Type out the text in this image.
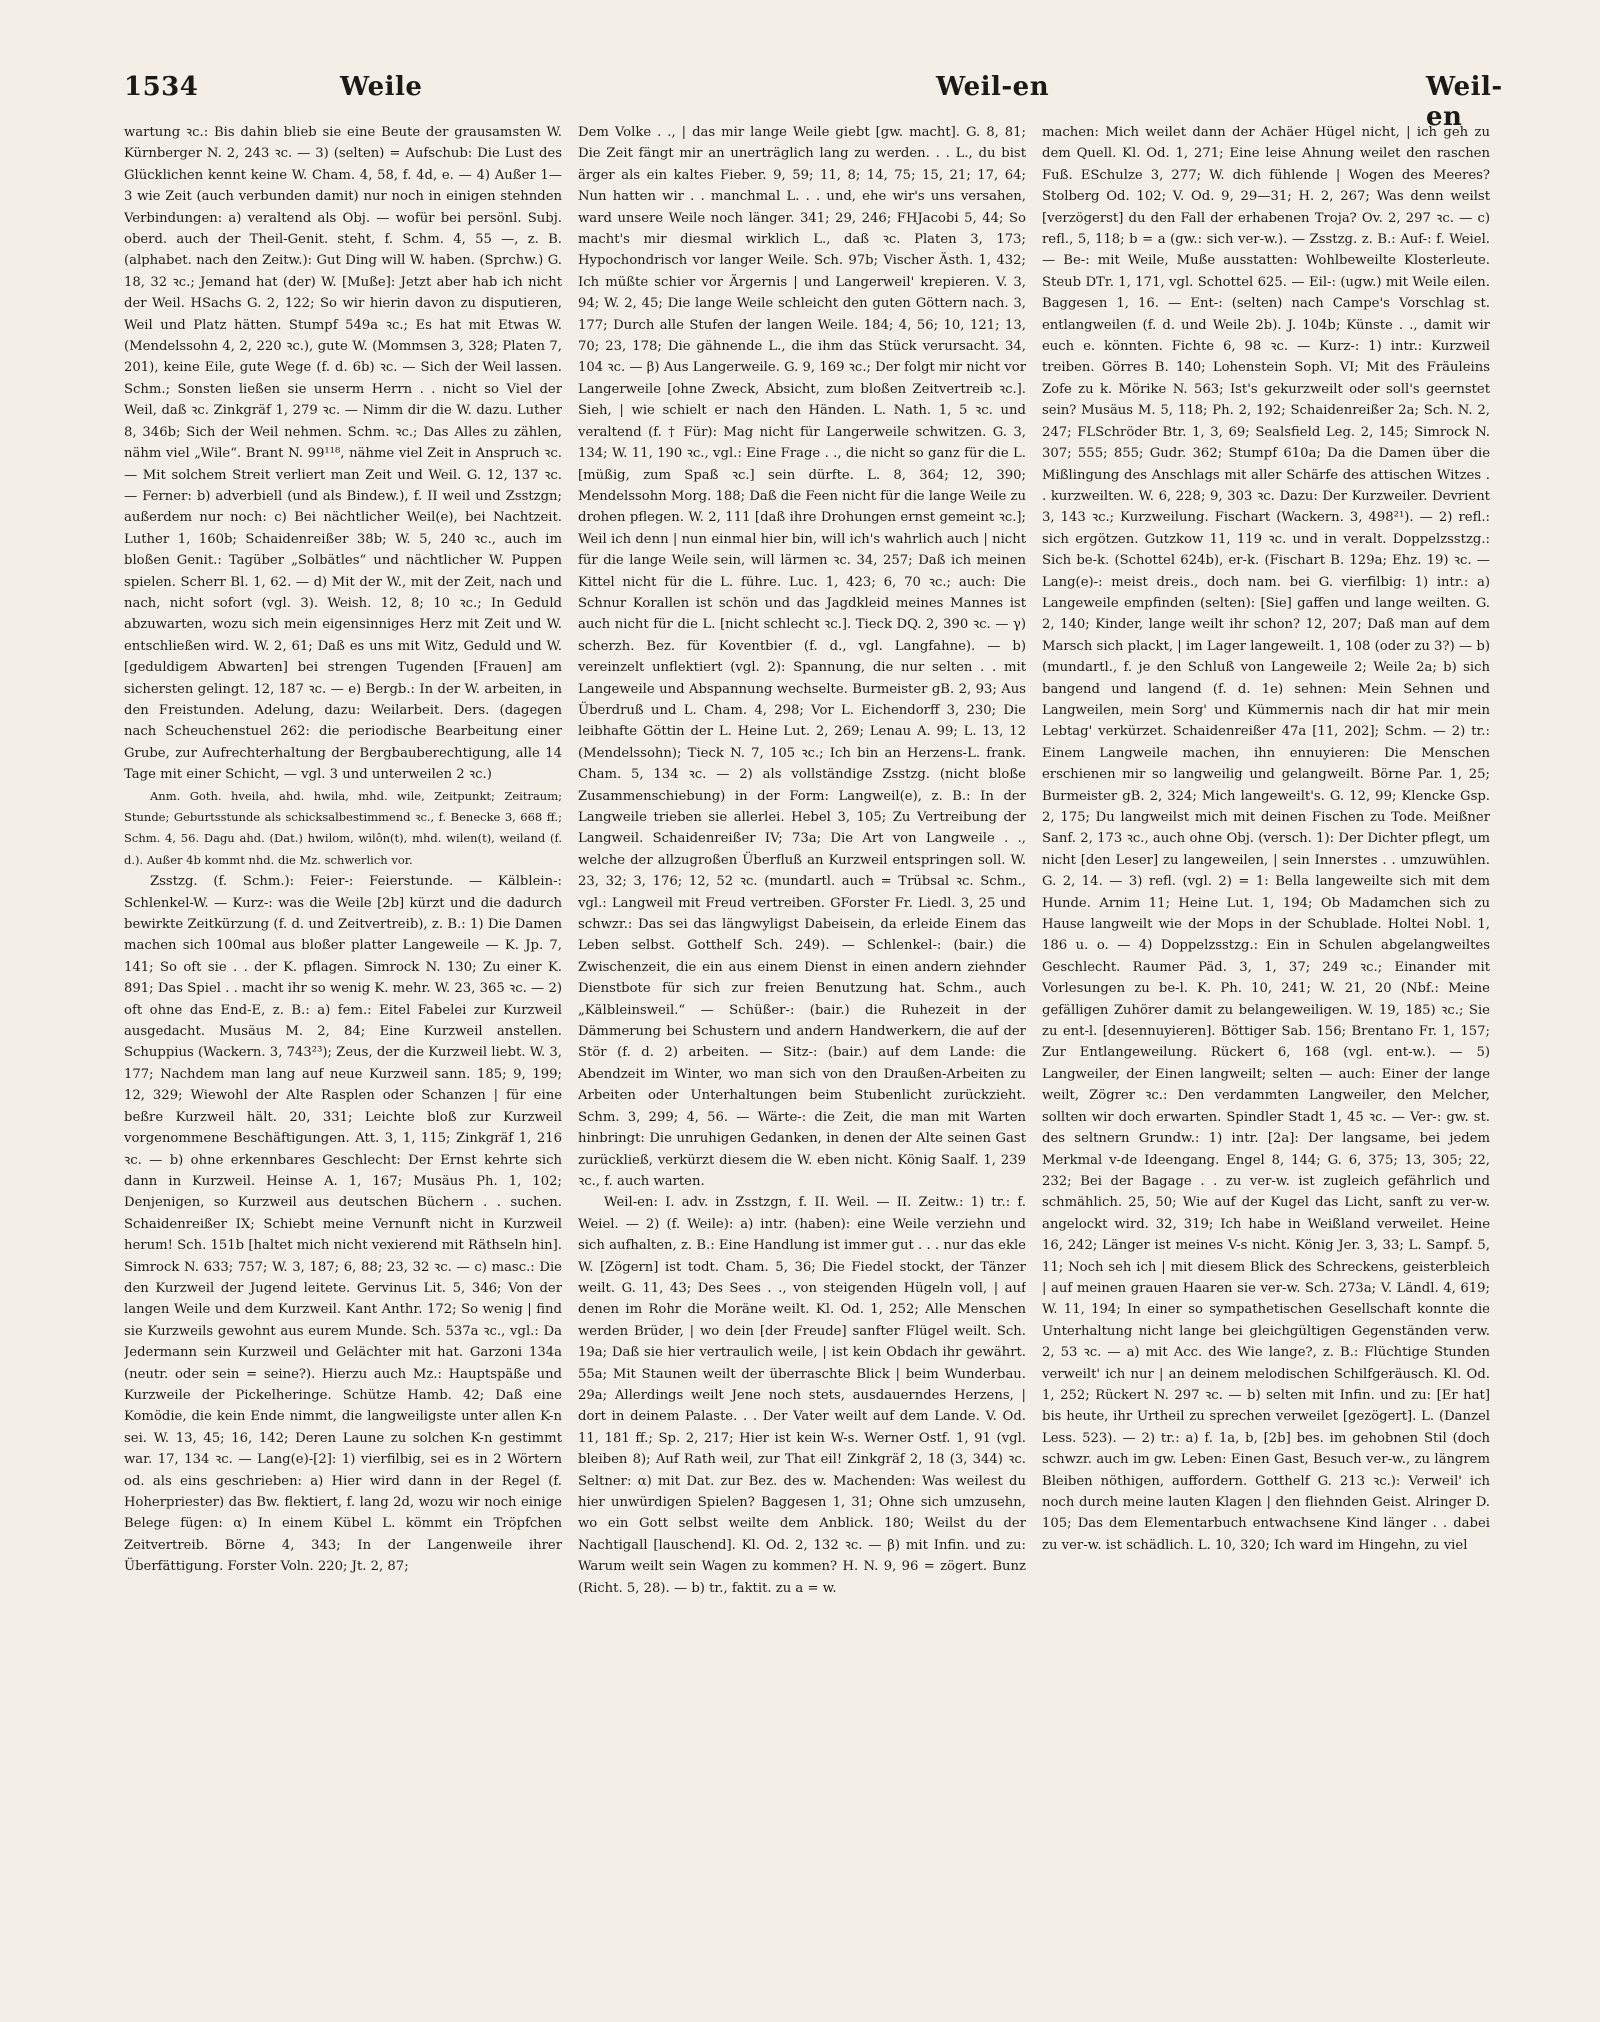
1534	Weile	Weil-en	Weil-en

wartung ꝛc.: Bis dahin blieb sie eine Beute der grausamsten W. Kürnberger N. 2, 243 ꝛc. — 3) (selten) = Aufschub: Die Lust des Glücklichen kennt keine W. Cham. 4, 58, f. 4d, e. — 4) Außer 1—3 wie Zeit (auch verbunden damit) nur noch in einigen stehnden Verbindungen: a) veraltend als Obj. — wofür bei persönl. Subj. oberd. auch der Theil-Genit. steht, f. Schm. 4, 55 —, z. B. (alphabet. nach den Zeitw.): Gut Ding will W. haben. (Sprchw.) G. 18, 32 ꝛc.; Jemand hat (der) W. [Muße]: Jetzt aber hab ich nicht der Weil. HSachs G. 2, 122; So wir hierin davon zu disputieren, Weil und Platz hätten. Stumpf 549a ꝛc.; Es hat mit Etwas W. (Mendelssohn 4, 2, 220 ꝛc.), gute W. (Mommsen 3, 328; Platen 7, 201), keine Eile, gute Wege (f. d. 6b) ꝛc. — Sich der Weil lassen. Schm.; Sonsten ließen sie unserm Herrn . . nicht so Viel der Weil, daß ꝛc. Zinkgräf 1, 279 ꝛc. — Nimm dir die W. dazu. Luther 8, 346b; Sich der Weil nehmen. Schm. ꝛc.; Das Alles zu zählen, nähm viel „Wile“. Brant N. 99¹¹⁸, nähme viel Zeit in Anspruch ꝛc. — Mit solchem Streit verliert man Zeit und Weil. G. 12, 137 ꝛc. — Ferner: b) adverbiell (und als Bindew.), f. II weil und Zsstzgn; außerdem nur noch: c) Bei nächtlicher Weil(e), bei Nachtzeit. Luther 1, 160b; Schaidenreißer 38b; W. 5, 240 ꝛc., auch im bloßen Genit.: Tagüber „Solbätles“ und nächtlicher W. Puppen spielen. Scherr Bl. 1, 62. — d) Mit der W., mit der Zeit, nach und nach, nicht sofort (vgl. 3). Weish. 12, 8; 10 ꝛc.; In Geduld abzuwarten, wozu sich mein eigensinniges Herz mit Zeit und W. entschließen wird. W. 2, 61; Daß es uns mit Witz, Geduld und W. [geduldigem Abwarten] bei strengen Tugenden [Frauen] am sichersten gelingt. 12, 187 ꝛc. — e) Bergb.: In der W. arbeiten, in den Freistunden. Adelung, dazu: Weilarbeit. Ders. (dagegen nach Scheuchenstuel 262: die periodische Bearbeitung einer Grube, zur Aufrechterhaltung der Bergbauberechtigung, alle 14 Tage mit einer Schicht, — vgl. 3 und unterweilen 2 ꝛc.)

Anm. Goth. hveila, ahd. hwila, mhd. wile, Zeitpunkt; Zeitraum; Stunde; Geburtsstunde als schicksalbestimmend ꝛc., f. Benecke 3, 668 ff.; Schm. 4, 56. Dagu ahd. (Dat.) hwilom, wilôn(t), mhd. wilen(t), weiland (f. d.). Außer 4b kommt nhd. die Mz. schwerlich vor.

Zsstzg. (f. Schm.): Feier-: Feierstunde. — Kälblein-: Schlenkel-W. — Kurz-: was die Weile [2b] kürzt und die dadurch bewirkte Zeitkürzung (f. d. und Zeitvertreib), z. B.: 1) Die Damen machen sich 100mal aus bloßer platter Langeweile — K. Jp. 7, 141; So oft sie . . der K. pflagen. Simrock N. 130; Zu einer K. 891; Das Spiel . . macht ihr so wenig K. mehr. W. 23, 365 ꝛc. — 2) oft ohne das End-E, z. B.: a) fem.: Eitel Fabelei zur Kurzweil ausgedacht. Musäus M. 2, 84; Eine Kurzweil anstellen. Schuppius (Wackern. 3, 743²³); Zeus, der die Kurzweil liebt. W. 3, 177; Nachdem man lang auf neue Kurzweil sann. 185; 9, 199; 12, 329; Wiewohl der Alte Rasplen oder Schanzen | für eine beßre Kurzweil hält. 20, 331; Leichte bloß zur Kurzweil vorgenommene Beschäftigungen. Att. 3, 1, 115; Zinkgräf 1, 216 ꝛc. — b) ohne erkennbares Geschlecht: Der Ernst kehrte sich dann in Kurzweil. Heinse A. 1, 167; Musäus Ph. 1, 102; Denjenigen, so Kurzweil aus deutschen Büchern . . suchen. Schaidenreißer IX; Schiebt meine Vernunft nicht in Kurzweil herum! Sch. 151b [haltet mich nicht vexierend mit Räthseln hin]. Simrock N. 633; 757; W. 3, 187; 6, 88; 23, 32 ꝛc. — c) masc.: Die den Kurzweil der Jugend leitete. Gervinus Lit. 5, 346; Von der langen Weile und dem Kurzweil. Kant Anthr. 172; So wenig | find sie Kurzweils gewohnt aus eurem Munde. Sch. 537a ꝛc., vgl.: Da Jedermann sein Kurzweil und Gelächter mit hat. Garzoni 134a (neutr. oder sein = seine?). Hierzu auch Mz.: Hauptspäße und Kurzweile der Pickelheringe. Schütze Hamb. 42; Daß eine Komödie, die kein Ende nimmt, die langweiligste unter allen K-n sei. W. 13, 45; 16, 142; Deren Laune zu solchen K-n gestimmt war. 17, 134 ꝛc. — Lang(e)-[2]: 1) vierfilbig, sei es in 2 Wörtern od. als eins geschrieben: a) Hier wird dann in der Regel (f. Hoherpriester) das Bw. flektiert, f. lang 2d, wozu wir noch einige Belege fügen: α) In einem Kübel L. kömmt ein Tröpfchen Zeitvertreib. Börne 4, 343; In der Langenweile ihrer Überfättigung. Forster Voln. 220; Jt. 2, 87;

Dem Volke . ., | das mir lange Weile giebt [gw. macht]. G. 8, 81; Die Zeit fängt mir an unerträglich lang zu werden. . . L., du bist ärger als ein kaltes Fieber. 9, 59; 11, 8; 14, 75; 15, 21; 17, 64; Nun hatten wir . . manchmal L. . . und, ehe wir's uns versahen, ward unsere Weile noch länger. 341; 29, 246; FHJacobi 5, 44; So macht's mir diesmal wirklich L., daß ꝛc. Platen 3, 173; Hypochondrisch vor langer Weile. Sch. 97b; Vischer Ästh. 1, 432; Ich müßte schier vor Ärgernis | und Langerweil' krepieren. V. 3, 94; W. 2, 45; Die lange Weile schleicht den guten Göttern nach. 3, 177; Durch alle Stufen der langen Weile. 184; 4, 56; 10, 121; 13, 70; 23, 178; Die gähnende L., die ihm das Stück verursacht. 34, 104 ꝛc. — β) Aus Langerweile. G. 9, 169 ꝛc.; Der folgt mir nicht vor Langerweile [ohne Zweck, Absicht, zum bloßen Zeitvertreib ꝛc.]. Sieh, | wie schielt er nach den Händen. L. Nath. 1, 5 ꝛc. und veraltend (f. † Für): Mag nicht für Langerweile schwitzen. G. 3, 134; W. 11, 190 ꝛc., vgl.: Eine Frage . ., die nicht so ganz für die L. [müßig, zum Spaß ꝛc.] sein dürfte. L. 8, 364; 12, 390; Mendelssohn Morg. 188; Daß die Feen nicht für die lange Weile zu drohen pflegen. W. 2, 111 [daß ihre Drohungen ernst gemeint ꝛc.]; Weil ich denn | nun einmal hier bin, will ich's wahrlich auch | nicht für die lange Weile sein, will lärmen ꝛc. 34, 257; Daß ich meinen Kittel nicht für die L. führe. Luc. 1, 423; 6, 70 ꝛc.; auch: Die Schnur Korallen ist schön und das Jagdkleid meines Mannes ist auch nicht für die L. [nicht schlecht ꝛc.]. Tieck DQ. 2, 390 ꝛc. — γ) scherzh. Bez. für Koventbier (f. d., vgl. Langfahne). — b) vereinzelt unflektiert (vgl. 2): Spannung, die nur selten . . mit Langeweile und Abspannung wechselte. Burmeister gB. 2, 93; Aus Überdruß und L. Cham. 4, 298; Vor L. Eichendorff 3, 230; Die leibhafte Göttin der L. Heine Lut. 2, 269; Lenau A. 99; L. 13, 12 (Mendelssohn); Tieck N. 7, 105 ꝛc.; Ich bin an Herzens-L. frank. Cham. 5, 134 ꝛc. — 2) als vollständige Zsstzg. (nicht bloße Zusammenschiebung) in der Form: Langweil(e), z. B.: In der Langweile trieben sie allerlei. Hebel 3, 105; Zu Vertreibung der Langweil. Schaidenreißer IV; 73a; Die Art von Langweile . ., welche der allzugroßen Überfluß an Kurzweil entspringen soll. W. 23, 32; 3, 176; 12, 52 ꝛc. (mundartl. auch = Trübsal ꝛc. Schm., vgl.: Langweil mit Freud vertreiben. GForster Fr. Liedl. 3, 25 und schwzr.: Das sei das längwyligst Dabeisein, da erleide Einem das Leben selbst. Gotthelf Sch. 249). — Schlenkel-: (bair.) die Zwischenzeit, die ein aus einem Dienst in einen andern ziehnder Dienstbote für sich zur freien Benutzung hat. Schm., auch „Kälbleinsweil.“ — Schüßer-: (bair.) die Ruhezeit in der Dämmerung bei Schustern und andern Handwerkern, die auf der Stör (f. d. 2) arbeiten. — Sitz-: (bair.) auf dem Lande: die Abendzeit im Winter, wo man sich von den Draußen-Arbeiten zu Arbeiten oder Unterhaltungen beim Stubenlicht zurückzieht. Schm. 3, 299; 4, 56. — Wärte-: die Zeit, die man mit Warten hinbringt: Die unruhigen Gedanken, in denen der Alte seinen Gast zurückließ, verkürzt diesem die W. eben nicht. König Saalf. 1, 239 ꝛc., f. auch warten.

Weil-en: I. adv. in Zsstzgn, f. II. Weil. — II. Zeitw.: 1) tr.: f. Weiel. — 2) (f. Weile): a) intr. (haben): eine Weile verziehn und sich aufhalten, z. B.: Eine Handlung ist immer gut . . . nur das ekle W. [Zögern] ist todt. Cham. 5, 36; Die Fiedel stockt, der Tänzer weilt. G. 11, 43; Des Sees . ., von steigenden Hügeln voll, | auf denen im Rohr die Moräne weilt. Kl. Od. 1, 252; Alle Menschen werden Brüder, | wo dein [der Freude] sanfter Flügel weilt. Sch. 19a; Daß sie hier vertraulich weile, | ist kein Obdach ihr gewährt. 55a; Mit Staunen weilt der überraschte Blick | beim Wunderbau. 29a; Allerdings weilt Jene noch stets, ausdauerndes Herzens, | dort in deinem Palaste. . . Der Vater weilt auf dem Lande. V. Od. 11, 181 ff.; Sp. 2, 217; Hier ist kein W-s. Werner Ostf. 1, 91 (vgl. bleiben 8); Auf Rath weil, zur That eil! Zinkgräf 2, 18 (3, 344) ꝛc. Seltner: α) mit Dat. zur Bez. des w. Machenden: Was weilest du hier unwürdigen Spielen? Baggesen 1, 31; Ohne sich umzusehn, wo ein Gott selbst weilte dem Anblick. 180; Weilst du der Nachtigall [lauschend]. Kl. Od. 2, 132 ꝛc. — β) mit Infin. und zu: Warum weilt sein Wagen zu kommen? H. N. 9, 96 = zögert. Bunz (Richt. 5, 28). — b) tr., faktit. zu a = w.

machen: Mich weilet dann der Achäer Hügel nicht, | ich geh zu dem Quell. Kl. Od. 1, 271; Eine leise Ahnung weilet den raschen Fuß. ESchulze 3, 277; W. dich fühlende | Wogen des Meeres? Stolberg Od. 102; V. Od. 9, 29—31; H. 2, 267; Was denn weilst [verzögerst] du den Fall der erhabenen Troja? Ov. 2, 297 ꝛc. — c) refl., 5, 118; b = a (gw.: sich ver-w.). — Zsstzg. z. B.: Auf-: f. Weiel. — Be-: mit Weile, Muße ausstatten: Wohlbeweilte Klosterleute. Steub DTr. 1, 171, vgl. Schottel 625. — Eil-: (ugw.) mit Weile eilen. Baggesen 1, 16. — Ent-: (selten) nach Campe's Vorschlag st. entlangweilen (f. d. und Weile 2b). J. 104b; Künste . ., damit wir euch e. könnten. Fichte 6, 98 ꝛc. — Kurz-: 1) intr.: Kurzweil treiben. Görres B. 140; Lohenstein Soph. VI; Mit des Fräuleins Zofe zu k. Mörike N. 563; Ist's gekurzweilt oder soll's geernstet sein? Musäus M. 5, 118; Ph. 2, 192; Schaidenreißer 2a; Sch. N. 2, 247; FLSchröder Btr. 1, 3, 69; Sealsfield Leg. 2, 145; Simrock N. 307; 555; 855; Gudr. 362; Stumpf 610a; Da die Damen über die Mißlingung des Anschlags mit aller Schärfe des attischen Witzes . . kurzweilten. W. 6, 228; 9, 303 ꝛc. Dazu: Der Kurzweiler. Devrient 3, 143 ꝛc.; Kurzweilung. Fischart (Wackern. 3, 498²¹). — 2) refl.: sich ergötzen. Gutzkow 11, 119 ꝛc. und in veralt. Doppelzsstzg.: Sich be-k. (Schottel 624b), er-k. (Fischart B. 129a; Ehz. 19) ꝛc. — Lang(e)-: meist dreis., doch nam. bei G. vierfilbig: 1) intr.: a) Langeweile empfinden (selten): [Sie] gaffen und lange weilten. G. 2, 140; Kinder, lange weilt ihr schon? 12, 207; Daß man auf dem Marsch sich plackt, | im Lager langeweilt. 1, 108 (oder zu 3?) — b) (mundartl., f. je den Schluß von Langeweile 2; Weile 2a; b) sich bangend und langend (f. d. 1e) sehnen: Mein Sehnen und Langweilen, mein Sorg' und Kümmernis nach dir hat mir mein Lebtag' verkürzet. Schaidenreißer 47a [11, 202]; Schm. — 2) tr.: Einem Langweile machen, ihn ennuyieren: Die Menschen erschienen mir so langweilig und gelangweilt. Börne Par. 1, 25; Burmeister gB. 2, 324; Mich langeweilt's. G. 12, 99; Klencke Gsp. 2, 175; Du langweilst mich mit deinen Fischen zu Tode. Meißner Sanf. 2, 173 ꝛc., auch ohne Obj. (versch. 1): Der Dichter pflegt, um nicht [den Leser] zu langeweilen, | sein Innerstes . . umzuwühlen. G. 2, 14. — 3) refl. (vgl. 2) = 1: Bella langeweilte sich mit dem Hunde. Arnim 11; Heine Lut. 1, 194; Ob Madamchen sich zu Hause langweilt wie der Mops in der Schublade. Holtei Nobl. 1, 186 u. o. — 4) Doppelzsstzg.: Ein in Schulen abgelangweiltes Geschlecht. Raumer Päd. 3, 1, 37; 249 ꝛc.; Einander mit Vorlesungen zu be-l. K. Ph. 10, 241; W. 21, 20 (Nbf.: Meine gefälligen Zuhörer damit zu belangeweiligen. W. 19, 185) ꝛc.; Sie zu ent-l. [desennuyieren]. Böttiger Sab. 156; Brentano Fr. 1, 157; Zur Entlangeweilung. Rückert 6, 168 (vgl. ent-w.). — 5) Langweiler, der Einen langweilt; selten — auch: Einer der lange weilt, Zögrer ꝛc.: Den verdammten Langweiler, den Melcher, sollten wir doch erwarten. Spindler Stadt 1, 45 ꝛc. — Ver-: gw. st. des seltnern Grundw.: 1) intr. [2a]: Der langsame, bei jedem Merkmal v-de Ideengang. Engel 8, 144; G. 6, 375; 13, 305; 22, 232; Bei der Bagage . . zu ver-w. ist zugleich gefährlich und schmählich. 25, 50; Wie auf der Kugel das Licht, sanft zu ver-w. angelockt wird. 32, 319; Ich habe in Weißland verweilet. Heine 16, 242; Länger ist meines V-s nicht. König Jer. 3, 33; L. Sampf. 5, 11; Noch seh ich | mit diesem Blick des Schreckens, geisterbleich | auf meinen grauen Haaren sie ver-w. Sch. 273a; V. Ländl. 4, 619; W. 11, 194; In einer so sympathetischen Gesellschaft konnte die Unterhaltung nicht lange bei gleichgültigen Gegenständen verw. 2, 53 ꝛc. — a) mit Acc. des Wie lange?, z. B.: Flüchtige Stunden verweilt' ich nur | an deinem melodischen Schilfgeräusch. Kl. Od. 1, 252; Rückert N. 297 ꝛc. — b) selten mit Infin. und zu: [Er hat] bis heute, ihr Urtheil zu sprechen verweilet [gezögert]. L. (Danzel Less. 523). — 2) tr.: a) f. 1a, b, [2b] bes. im gehobnen Stil (doch schwzr. auch im gw. Leben: Einen Gast, Besuch ver-w., zu längrem Bleiben nöthigen, auffordern. Gotthelf G. 213 ꝛc.): Verweil' ich noch durch meine lauten Klagen | den fliehnden Geist. Alringer D. 105; Das dem Elementarbuch entwachsene Kind länger . . dabei zu ver-w. ist schädlich. L. 10, 320; Ich ward im Hingehn, zu viel
